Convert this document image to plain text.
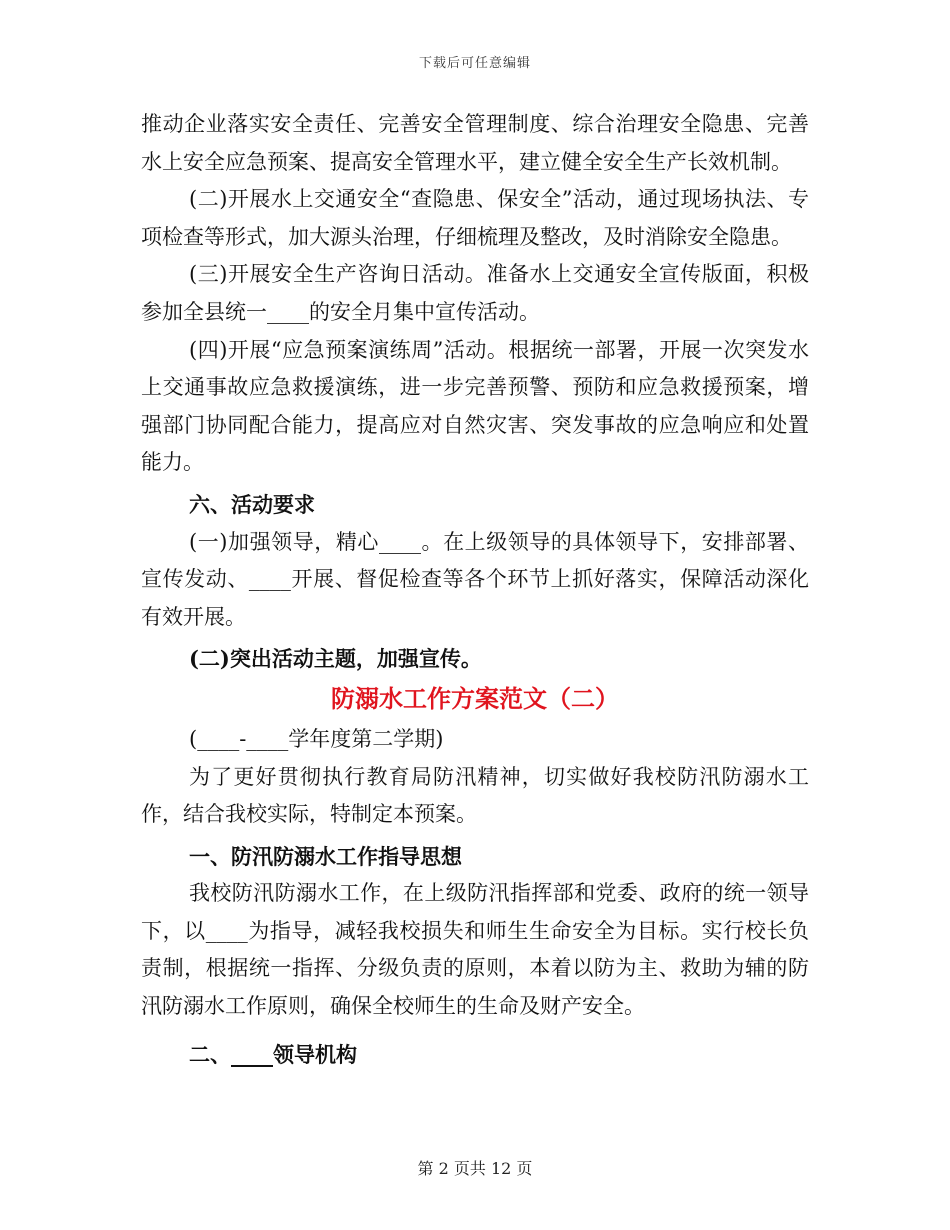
下载后可任意编辑

推动企业落实安全责任、完善安全管理制度、综合治理安全隐患、完善水上安全应急预案、提高安全管理水平，建立健全安全生产长效机制。

(二)开展水上交通安全“查隐患、保安全”活动，通过现场执法、专项检查等形式，加大源头治理，仔细梳理及整改，及时消除安全隐患。

(三)开展安全生产咨询日活动。准备水上交通安全宣传版面，积极参加全县统一____的安全月集中宣传活动。

(四)开展“应急预案演练周”活动。根据统一部署，开展一次突发水上交通事故应急救援演练，进一步完善预警、预防和应急救援预案，增强部门协同配合能力，提高应对自然灾害、突发事故的应急响应和处置能力。

六、活动要求

(一)加强领导，精心____。在上级领导的具体领导下，安排部署、宣传发动、____开展、督促检查等各个环节上抓好落实，保障活动深化有效开展。

(二)突出活动主题，加强宣传。

防溺水工作方案范文（二）

(____-____学年度第二学期)

为了更好贯彻执行教育局防汛精神，切实做好我校防汛防溺水工作，结合我校实际，特制定本预案。

一、防汛防溺水工作指导思想

我校防汛防溺水工作，在上级防汛指挥部和党委、政府的统一领导下，以____为指导，减轻我校损失和师生生命安全为目标。实行校长负责制，根据统一指挥、分级负责的原则，本着以防为主、救助为辅的防汛防溺水工作原则，确保全校师生的生命及财产安全。

二、____领导机构

第 2 页共 12 页
